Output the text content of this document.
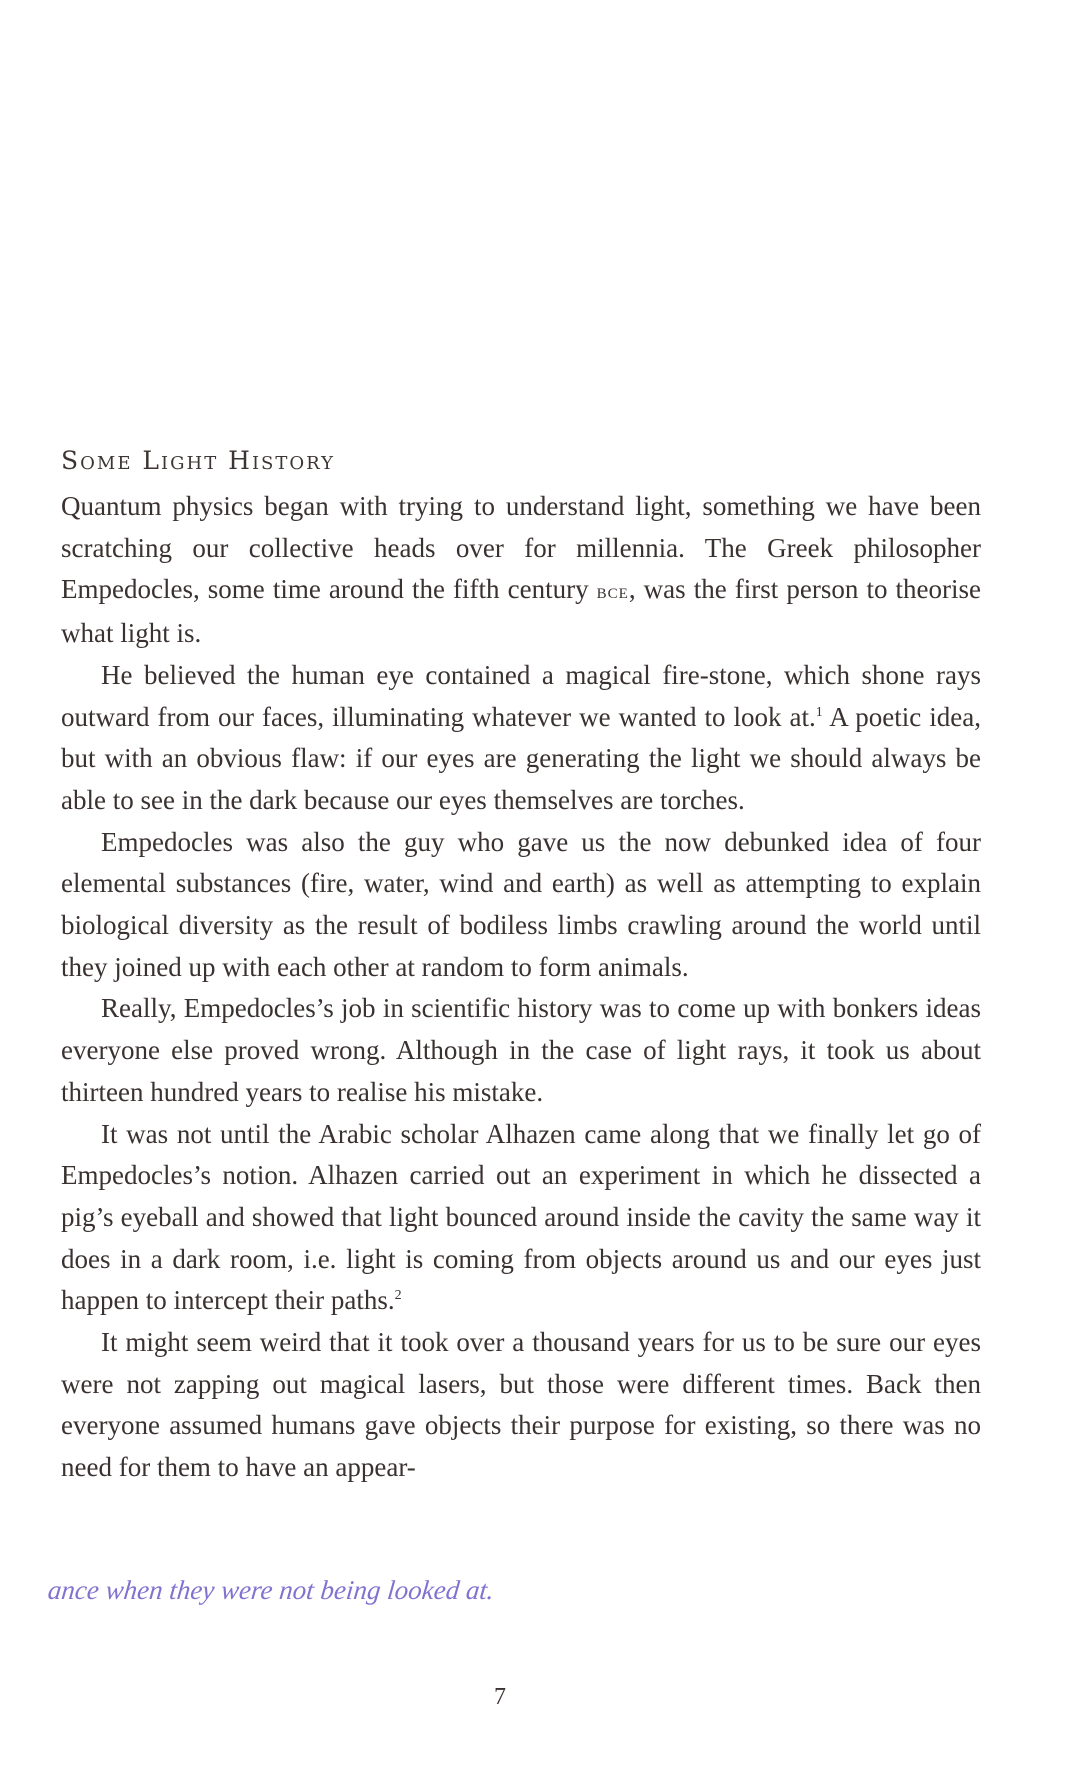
Some Light History

Quantum physics began with trying to understand light, something we have been scratching our collective heads over for millennia. The Greek philosopher Empedocles, some time around the fifth century bce, was the first person to theorise what light is.

He believed the human eye contained a magical fire-stone, which shone rays outward from our faces, illuminating whatever we wanted to look at.$^1$ A poetic idea, but with an obvious flaw: if our eyes are generating the light we should always be able to see in the dark because our eyes themselves are torches.

Empedocles was also the guy who gave us the now debunked idea of four elemental substances (fire, water, wind and earth) as well as attempting to explain biological diversity as the result of bodiless limbs crawling around the world until they joined up with each other at random to form animals.

Really, Empedocles’s job in scientific history was to come up with bonkers ideas everyone else proved wrong. Although in the case of light rays, it took us about thirteen hundred years to realise his mistake.

It was not until the Arabic scholar Alhazen came along that we finally let go of Empedocles’s notion. Alhazen carried out an experiment in which he dissected a pig’s eyeball and showed that light bounced around inside the cavity the same way it does in a dark room, i.e. light is coming from objects around us and our eyes just happen to intercept their paths.$^2$

It might seem weird that it took over a thousand years for us to be sure our eyes were not zapping out magical lasers, but those were different times. Back then everyone assumed humans gave objects their purpose for existing, so there was no need for them to have an appear-

ance when they were not being looked at.
7
